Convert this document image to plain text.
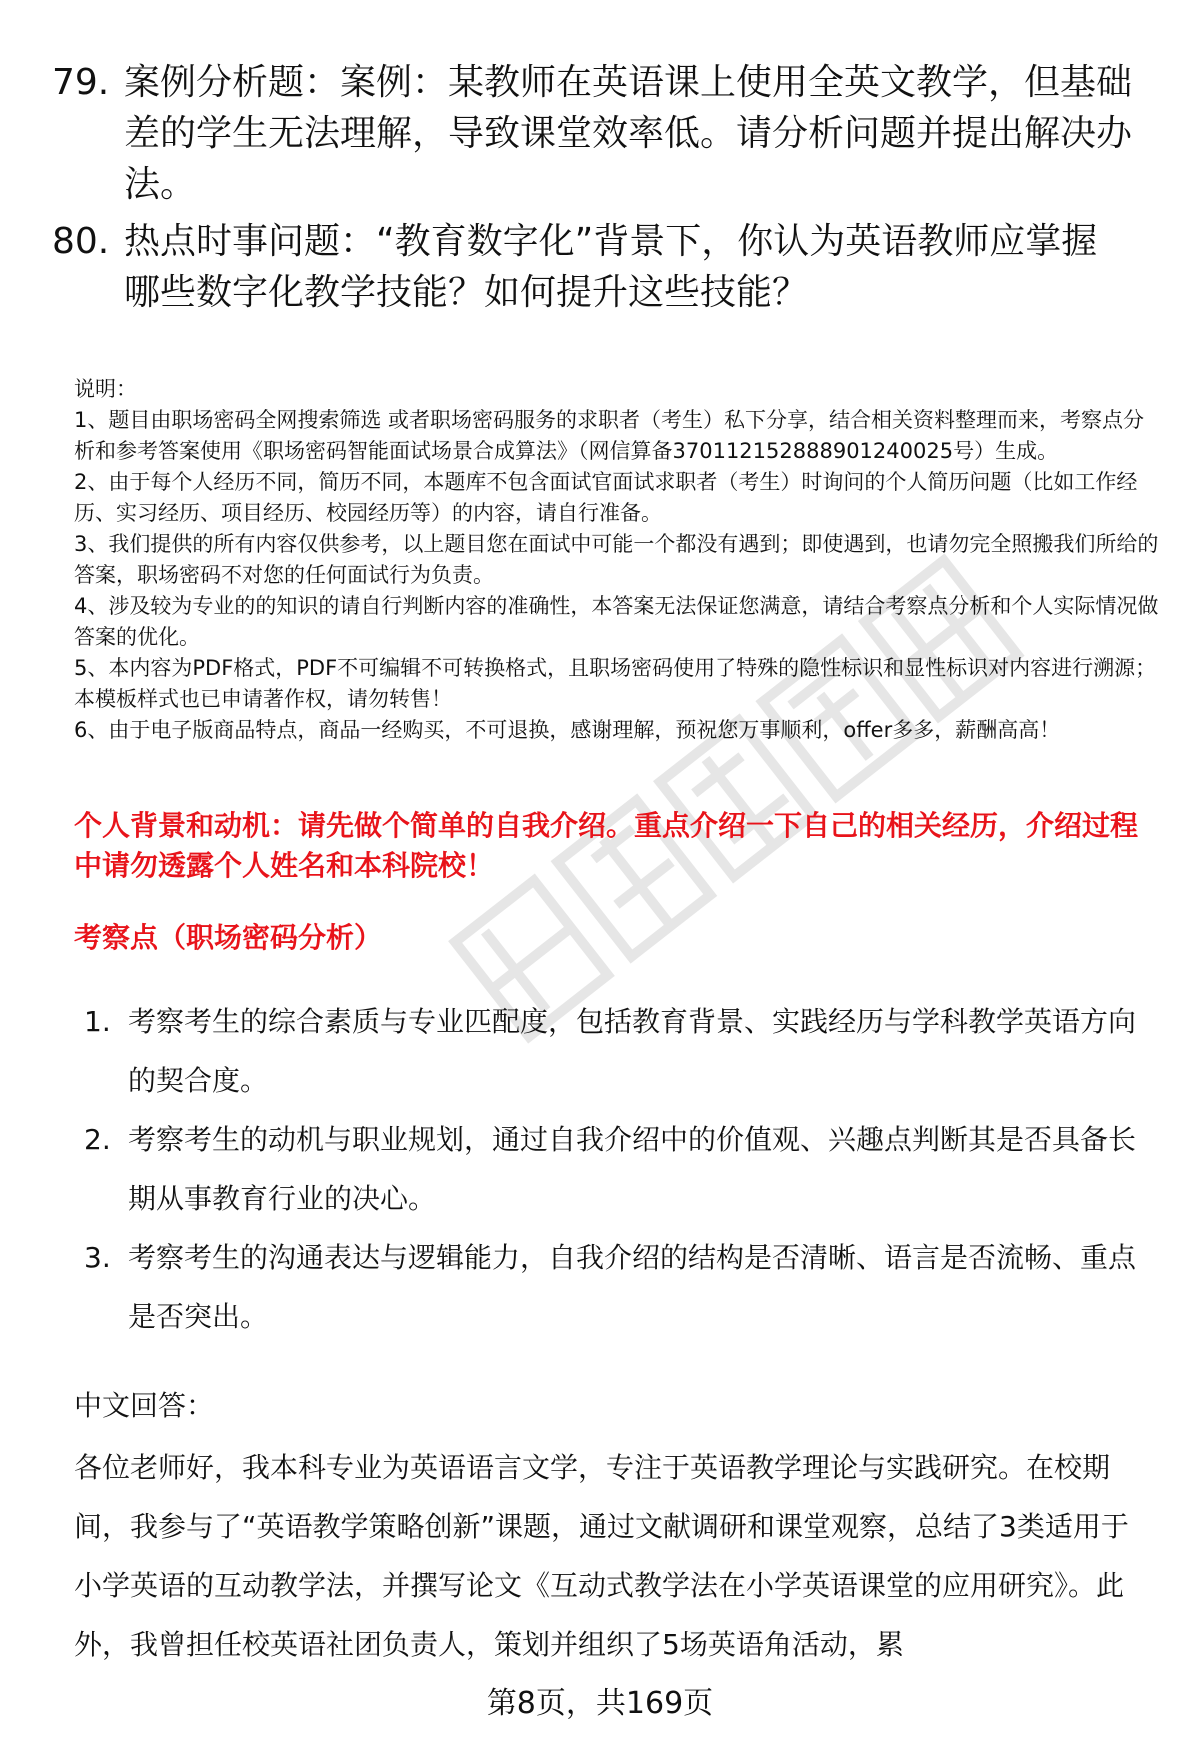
79. 案例分析题：案例：某教师在英语课上使用全英文教学，但基础差的学生无法理解，导致课堂效率低。请分析问题并提出解决办法。
80. 热点时事问题：“教育数字化”背景下，你认为英语教师应掌握哪些数字化教学技能？如何提升这些技能？
说明：
1、题目由职场密码全网搜索筛选 或者职场密码服务的求职者（考生）私下分享，结合相关资料整理而来，考察点分析和参考答案使用《职场密码智能面试场景合成算法》（网信算备370112152888901240025号）生成。
2、由于每个人经历不同，简历不同，本题库不包含面试官面试求职者（考生）时询问的个人简历问题（比如工作经历、实习经历、项目经历、校园经历等）的内容，请自行准备。
3、我们提供的所有内容仅供参考，以上题目您在面试中可能一个都没有遇到；即使遇到，也请勿完全照搬我们所给的答案，职场密码不对您的任何面试行为负责。
4、涉及较为专业的的知识的请自行判断内容的准确性，本答案无法保证您满意，请结合考察点分析和个人实际情况做答案的优化。
5、本内容为PDF格式，PDF不可编辑不可转换格式，且职场密码使用了特殊的隐性标识和显性标识对内容进行溯源；本模板样式也已申请著作权，请勿转售！
6、由于电子版商品特点，商品一经购买，不可退换，感谢理解，预祝您万事顺利，offer多多，薪酬高高！
个人背景和动机：请先做个简单的自我介绍。重点介绍一下自己的相关经历，介绍过程中请勿透露个人姓名和本科院校！
考察点（职场密码分析）
1. 考察考生的综合素质与专业匹配度，包括教育背景、实践经历与学科教学英语方向的契合度。
2. 考察考生的动机与职业规划，通过自我介绍中的价值观、兴趣点判断其是否具备长期从事教育行业的决心。
3. 考察考生的沟通表达与逻辑能力，自我介绍的结构是否清晰、语言是否流畅、重点是否突出。
中文回答：
各位老师好，我本科专业为英语语言文学，专注于英语教学理论与实践研究。在校期间，我参与了“英语教学策略创新”课题，通过文献调研和课堂观察，总结了3类适用于小学英语的互动教学法，并撰写论文《互动式教学法在小学英语课堂的应用研究》。此外，我曾担任校英语社团负责人，策划并组织了5场英语角活动，累
第8页，共169页
